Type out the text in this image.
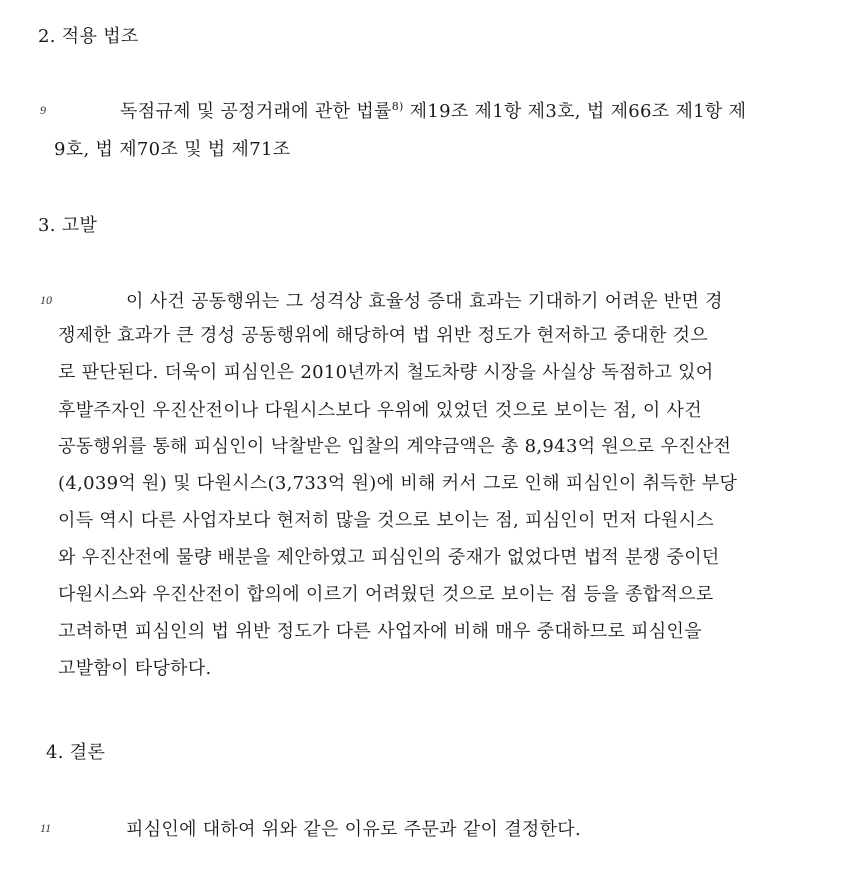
2. 적용 법조
9	독점규제 및 공정거래에 관한 법률$^{8)}$ 제19조 제1항 제3호, 법 제66조 제1항 제
9호, 법 제70조 및 법 제71조
3. 고발
10	이 사건 공동행위는 그 성격상 효율성 증대 효과는 기대하기 어려운 반면 경
쟁제한 효과가 큰 경성 공동행위에 해당하여 법 위반 정도가 현저하고 중대한 것으
로 판단된다. 더욱이 피심인은 2010년까지 철도차량 시장을 사실상 독점하고 있어
후발주자인 우진산전이나 다원시스보다 우위에 있었던 것으로 보이는 점, 이 사건
공동행위를 통해 피심인이 낙찰받은 입찰의 계약금액은 총 8,943억 원으로 우진산전
(4,039억 원) 및 다원시스(3,733억 원)에 비해 커서 그로 인해 피심인이 취득한 부당
이득 역시 다른 사업자보다 현저히 많을 것으로 보이는 점, 피심인이 먼저 다원시스
와 우진산전에 물량 배분을 제안하였고 피심인의 중재가 없었다면 법적 분쟁 중이던
다원시스와 우진산전이 합의에 이르기 어려웠던 것으로 보이는 점 등을 종합적으로
고려하면 피심인의 법 위반 정도가 다른 사업자에 비해 매우 중대하므로 피심인을
고발함이 타당하다.
4. 결론
11	피심인에 대하여 위와 같은 이유로 주문과 같이 결정한다.
